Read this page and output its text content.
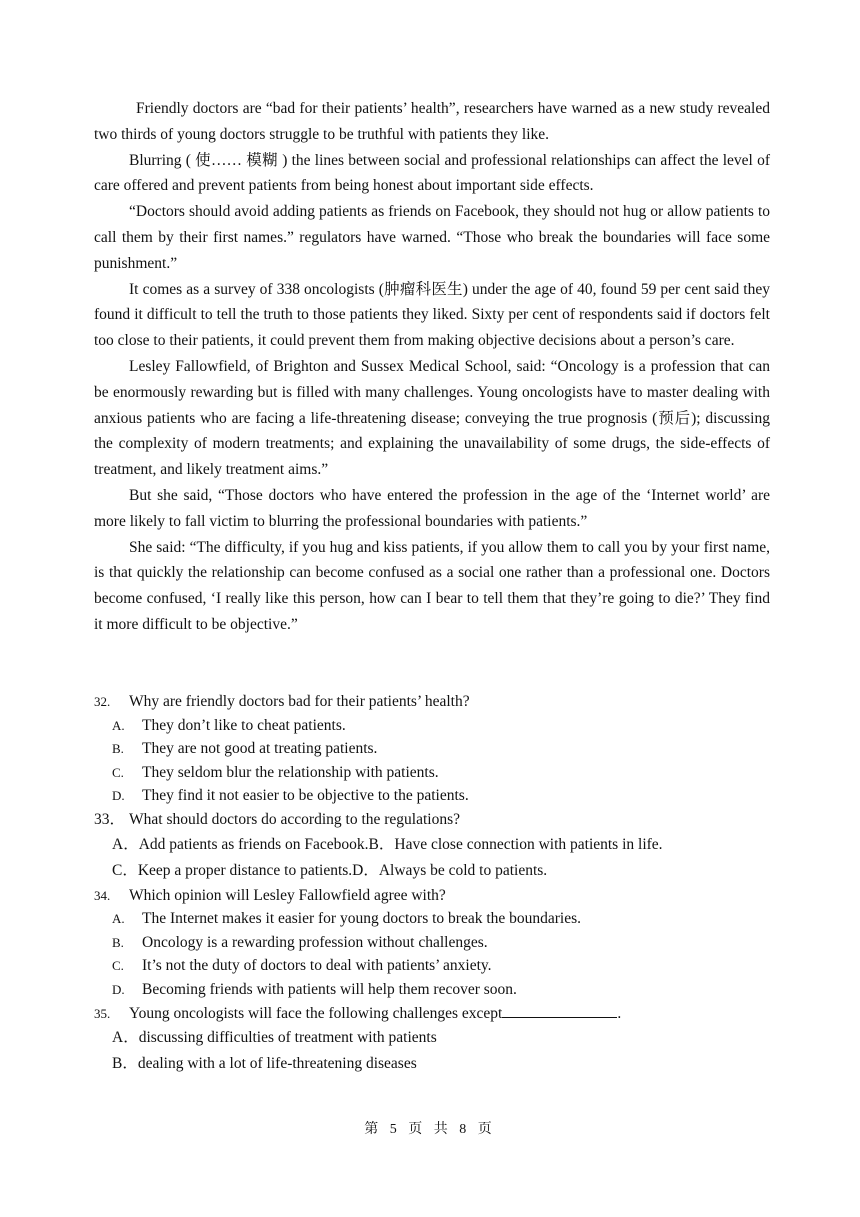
Friendly doctors are “bad for their patients’ health”, researchers have warned as a new study revealed two thirds of young doctors struggle to be truthful with patients they like.

Blurring ( 使…… 模糊 ) the lines between social and professional relationships can affect the level of care offered and prevent patients from being honest about important side effects.

“Doctors should avoid adding patients as friends on Facebook, they should not hug or allow patients to call them by their first names.” regulators have warned. “Those who break the boundaries will face some punishment.”

It comes as a survey of 338 oncologists (肿瘤科医生) under the age of 40, found 59 per cent said they found it difficult to tell the truth to those patients they liked. Sixty per cent of respondents said if doctors felt too close to their patients, it could prevent them from making objective decisions about a person’s care.

Lesley Fallowfield, of Brighton and Sussex Medical School, said: “Oncology is a profession that can be enormously rewarding but is filled with many challenges. Young oncologists have to master dealing with anxious patients who are facing a life-threatening disease; conveying the true prognosis (预后); discussing the complexity of modern treatments; and explaining the unavailability of some drugs, the side-effects of treatment, and likely treatment aims.”

But she said, “Those doctors who have entered the profession in the age of the ‘Internet world’ are more likely to fall victim to blurring the professional boundaries with patients.”

She said: “The difficulty, if you hug and kiss patients, if you allow them to call you by your first name, is that quickly the relationship can become confused as a social one rather than a professional one. Doctors become confused, ‘I really like this person, how can I bear to tell them that they’re going to die?’ They find it more difficult to be objective.”

32. Why are friendly doctors bad for their patients’ health?
A. They don’t like to cheat patients.
B. They are not good at treating patients.
C. They seldom blur the relationship with patients.
D. They find it not easier to be objective to the patients.
33． What should doctors do according to the regulations?
A．Add patients as friends on Facebook.B．Have close connection with patients in life.
C．Keep a proper distance to patients.D．Always be cold to patients.
34. Which opinion will Lesley Fallowfield agree with?
A. The Internet makes it easier for young doctors to break the boundaries.
B. Oncology is a rewarding profession without challenges.
C. It’s not the duty of doctors to deal with patients’ anxiety.
D. Becoming friends with patients will help them recover soon.
35. Young oncologists will face the following challenges except	.
A．discussing difficulties of treatment with patients
B．dealing with a lot of life-threatening diseases
第 5 页 共 8 页
